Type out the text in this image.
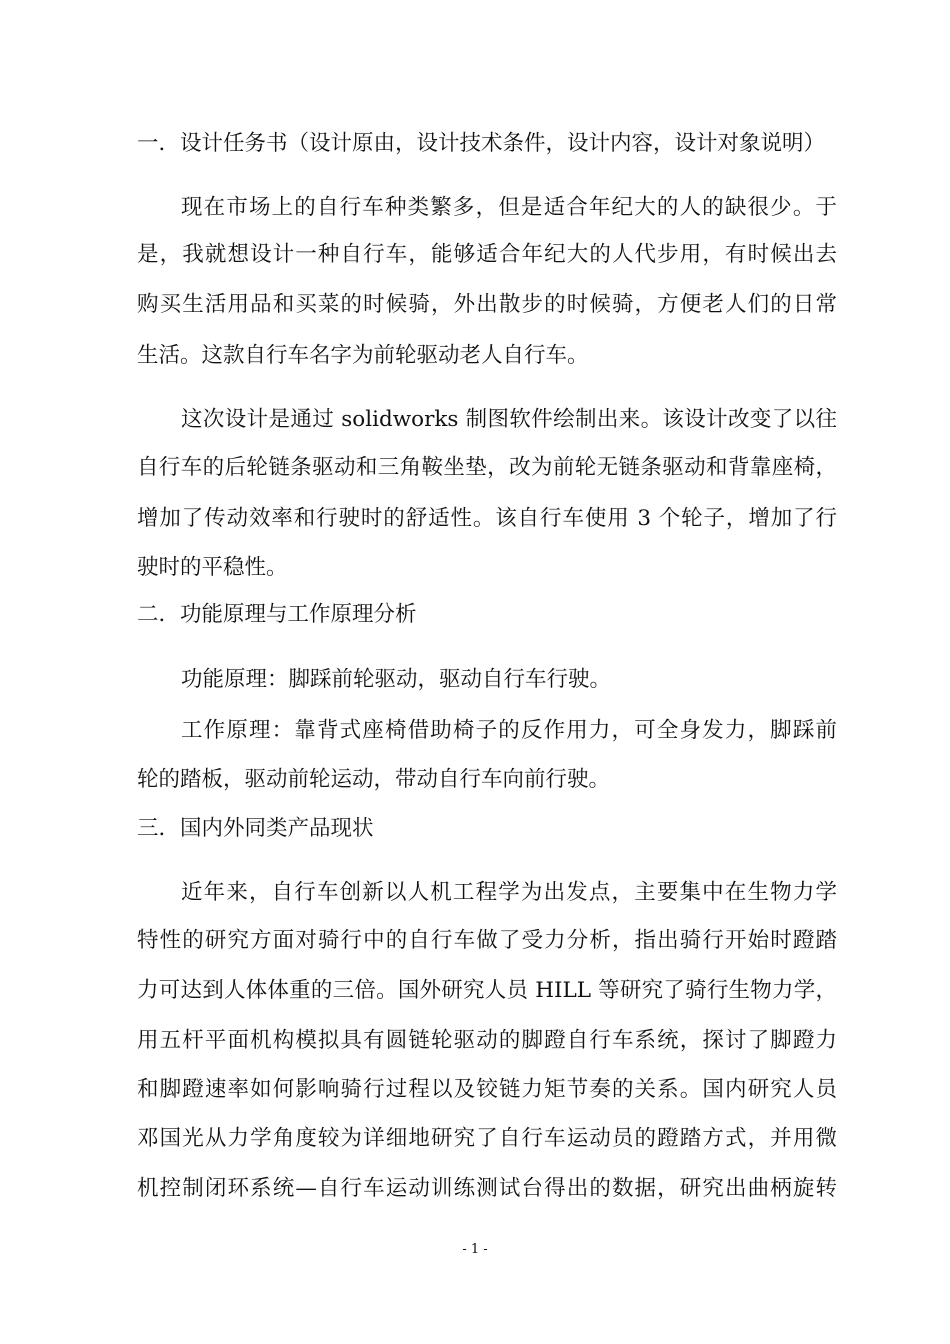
一．设计任务书（设计原由，设计技术条件，设计内容，设计对象说明）
现在市场上的自行车种类繁多，但是适合年纪大的人的缺很少。于
是，我就想设计一种自行车，能够适合年纪大的人代步用，有时候出去
购买生活用品和买菜的时候骑，外出散步的时候骑，方便老人们的日常
生活。这款自行车名字为前轮驱动老人自行车。
这次设计是通过 solidworks 制图软件绘制出来。该设计改变了以往
自行车的后轮链条驱动和三角鞍坐垫，改为前轮无链条驱动和背靠座椅，
增加了传动效率和行驶时的舒适性。该自行车使用 3 个轮子，增加了行
驶时的平稳性。
二．功能原理与工作原理分析
功能原理：脚踩前轮驱动，驱动自行车行驶。
工作原理：靠背式座椅借助椅子的反作用力，可全身发力，脚踩前
轮的踏板，驱动前轮运动，带动自行车向前行驶。
三．国内外同类产品现状
近年来，自行车创新以人机工程学为出发点，主要集中在生物力学
特性的研究方面对骑行中的自行车做了受力分析，指出骑行开始时蹬踏
力可达到人体体重的三倍。国外研究人员 HILL 等研究了骑行生物力学，
用五杆平面机构模拟具有圆链轮驱动的脚蹬自行车系统，探讨了脚蹬力
和脚蹬速率如何影响骑行过程以及铰链力矩节奏的关系。国内研究人员
邓国光从力学角度较为详细地研究了自行车运动员的蹬踏方式，并用微
机控制闭环系统—自行车运动训练测试台得出的数据，研究出曲柄旋转
- 1 -
